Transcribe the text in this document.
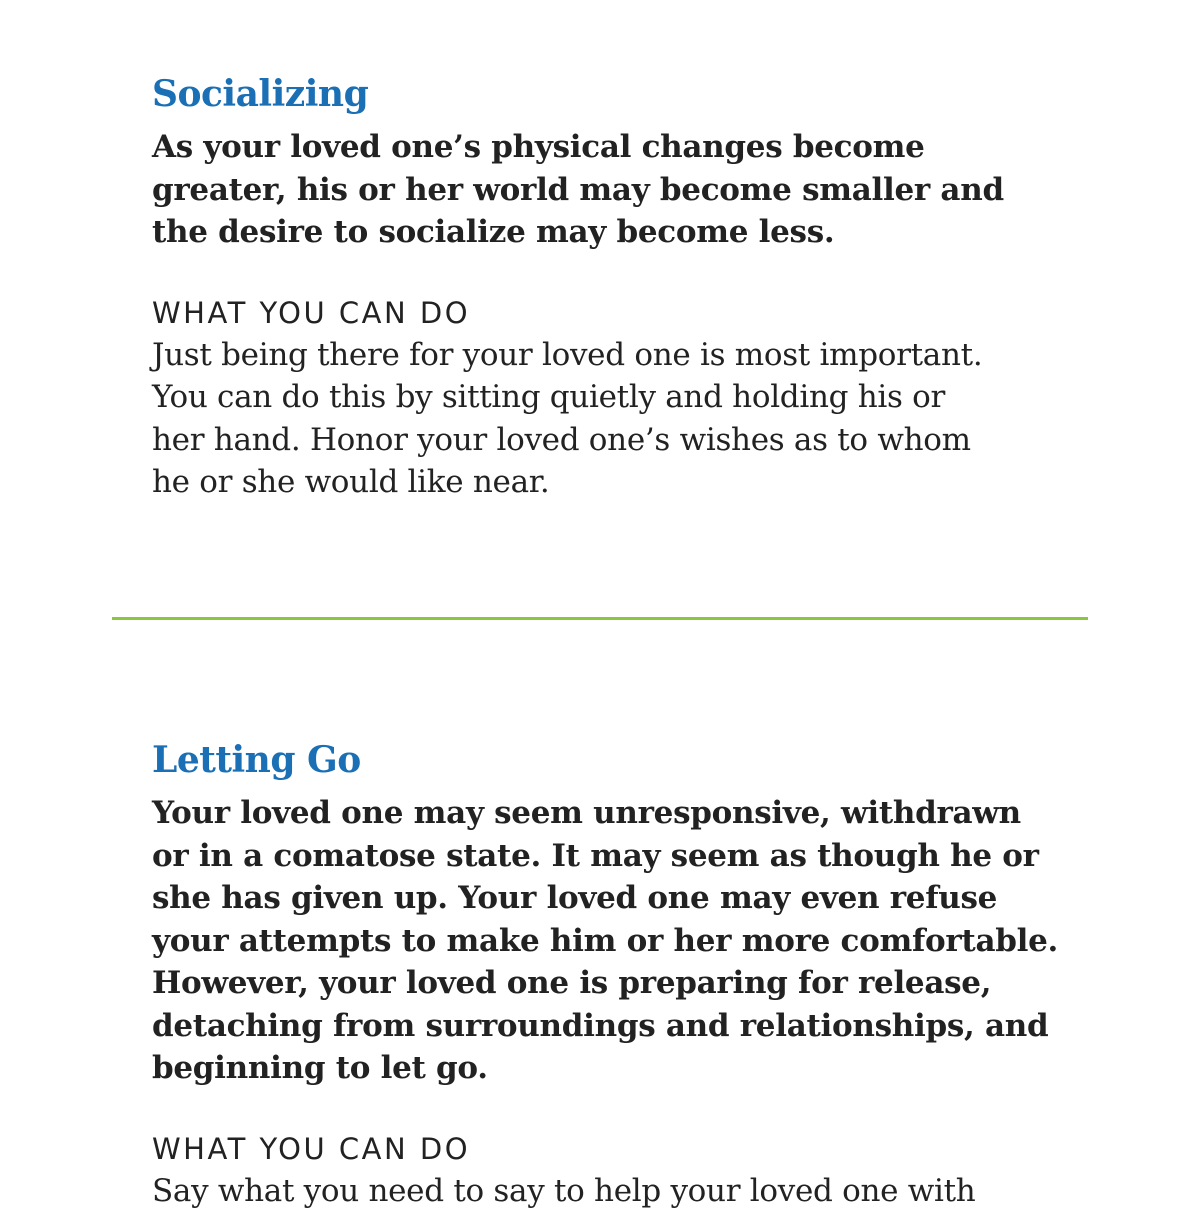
Socializing

As your loved one’s physical changes become
greater, his or her world may become smaller and
the desire to socialize may become less.

WHAT YOU CAN DO

Just being there for your loved one is most important.
You can do this by sitting quietly and holding his or
her hand. Honor your loved one’s wishes as to whom
he or she would like near.

Letting Go

Your loved one may seem unresponsive, withdrawn
or in a comatose state. It may seem as though he or
she has given up. Your loved one may even refuse
your attempts to make him or her more comfortable.
However, your loved one is preparing for release,
detaching from surroundings and relationships, and
beginning to let go.

WHAT YOU CAN DO

Say what you need to say to help your loved one with
